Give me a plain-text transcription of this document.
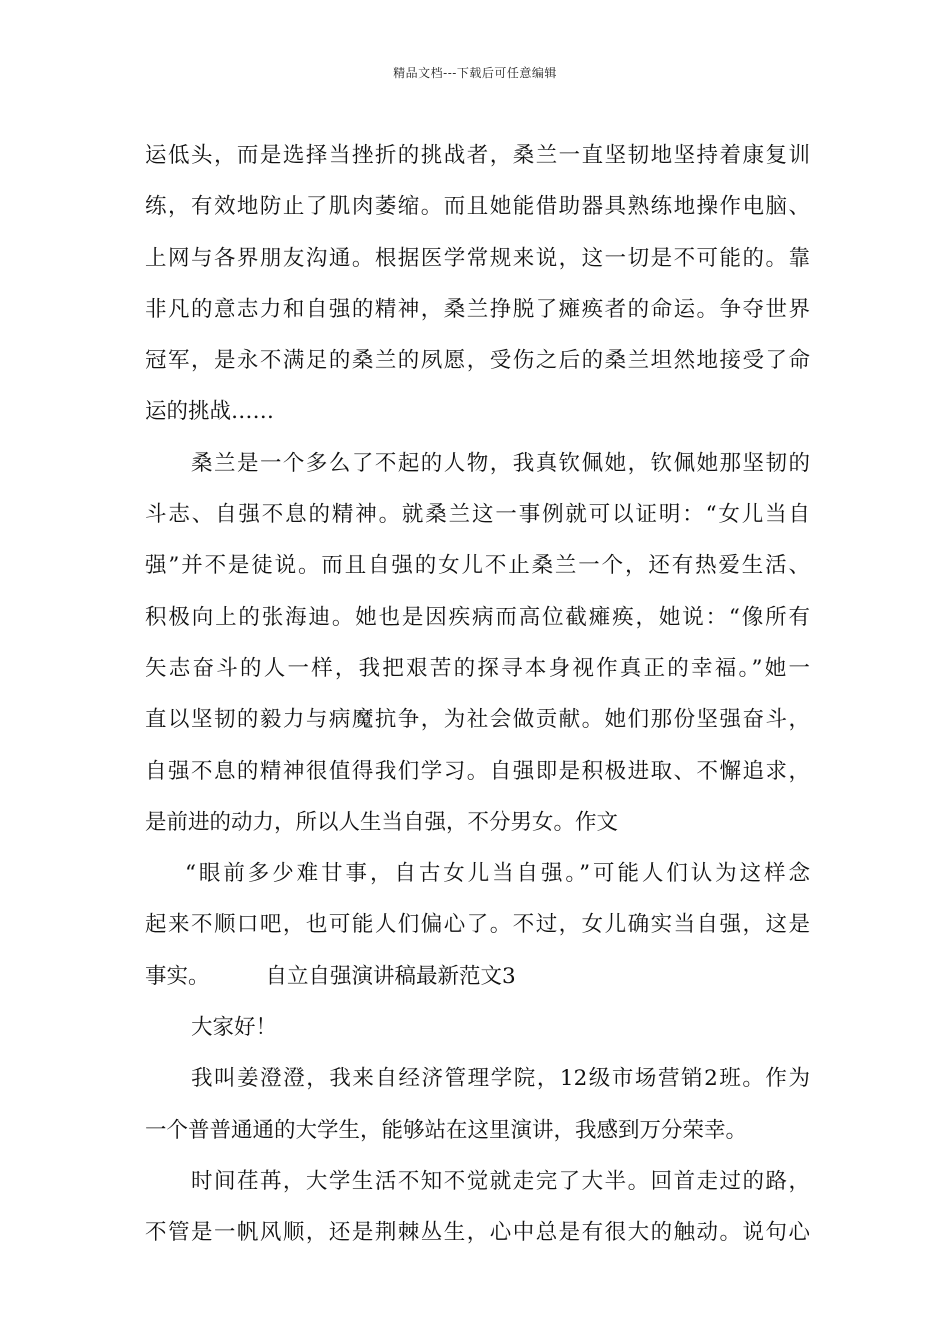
精品文档---下载后可任意编辑
运低头，而是选择当挫折的挑战者，桑兰一直坚韧地坚持着康复训
练，有效地防止了肌肉萎缩。而且她能借助器具熟练地操作电脑、
上网与各界朋友沟通。根据医学常规来说，这一切是不可能的。靠
非凡的意志力和自强的精神，桑兰挣脱了瘫痪者的命运。争夺世界
冠军，是永不满足的桑兰的夙愿，受伤之后的桑兰坦然地接受了命
运的挑战……
桑兰是一个多么了不起的人物，我真钦佩她，钦佩她那坚韧的
斗志、自强不息的精神。就桑兰这一事例就可以证明：“女儿当自
强”并不是徒说。而且自强的女儿不止桑兰一个，还有热爱生活、
积极向上的张海迪。她也是因疾病而高位截瘫痪，她说：“像所有
矢志奋斗的人一样，我把艰苦的探寻本身视作真正的幸福。”她一
直以坚韧的毅力与病魔抗争，为社会做贡献。她们那份坚强奋斗，
自强不息的精神很值得我们学习。自强即是积极进取、不懈追求，
是前进的动力，所以人生当自强，不分男女。作文
“眼前多少难甘事，自古女儿当自强。”可能人们认为这样念
起来不顺口吧，也可能人们偏心了。不过，女儿确实当自强，这是
事实。	自立自强演讲稿最新范文3
大家好！
我叫姜澄澄，我来自经济管理学院，12级市场营销2班。作为
一个普普通通的大学生，能够站在这里演讲，我感到万分荣幸。
时间荏苒，大学生活不知不觉就走完了大半。回首走过的路，
不管是一帆风顺，还是荆棘丛生，心中总是有很大的触动。说句心
